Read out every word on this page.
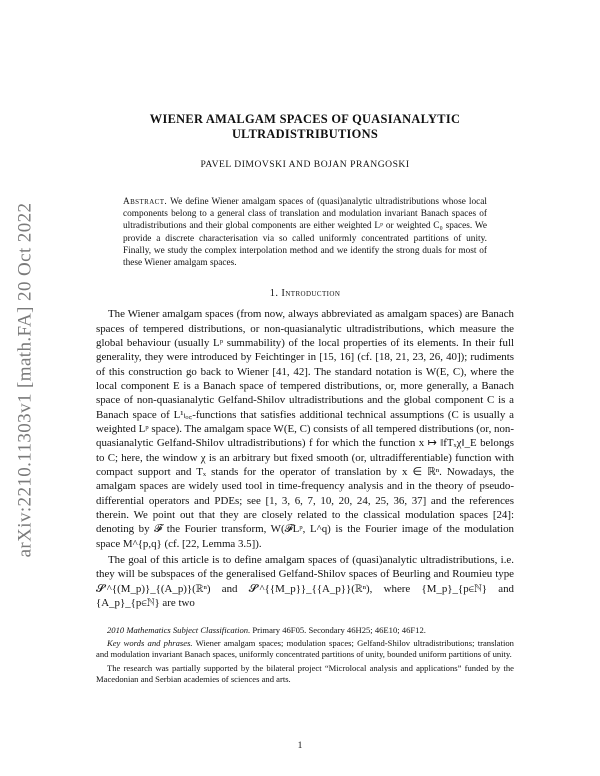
arXiv:2210.11303v1 [math.FA] 20 Oct 2022
WIENER AMALGAM SPACES OF QUASIANALYTIC
ULTRADISTRIBUTIONS

PAVEL DIMOVSKI AND BOJAN PRANGOSKI

Abstract. We define Wiener amalgam spaces of (quasi)analytic ultradistributions whose local components belong to a general class of translation and modulation invariant Banach spaces of ultradistributions and their global components are either weighted Lᵖ or weighted C₀ spaces. We provide a discrete characterisation via so called uniformly concentrated partitions of unity. Finally, we study the complex interpolation method and we identify the strong duals for most of these Wiener amalgam spaces.

1. Introduction

The Wiener amalgam spaces (from now, always abbreviated as amalgam spaces) are Banach spaces of tempered distributions, or non-quasianalytic ultradistributions, which measure the global behaviour (usually Lᵖ summability) of the local properties of its elements. In their full generality, they were introduced by Feichtinger in [15, 16] (cf. [18, 21, 23, 26, 40]); rudiments of this construction go back to Wiener [41, 42]. The standard notation is W(E, C), where the local component E is a Banach space of tempered distributions, or, more generally, a Banach space of non-quasianalytic Gelfand-Shilov ultradistributions and the global component C is a Banach space of L¹ₗₒ꜀-functions that satisfies additional technical assumptions (C is usually a weighted Lᵖ space). The amalgam space W(E, C) consists of all tempered distributions (or, non-quasianalytic Gelfand-Shilov ultradistributions) f for which the function x ↦ ‖fTₓχ‖_E belongs to C; here, the window χ is an arbitrary but fixed smooth (or, ultradifferentiable) function with compact support and Tₓ stands for the operator of translation by x ∈ ℝⁿ. Nowadays, the amalgam spaces are widely used tool in time-frequency analysis and in the theory of pseudo-differential operators and PDEs; see [1, 3, 6, 7, 10, 20, 24, 25, 36, 37] and the references therein. We point out that they are closely related to the classical modulation spaces [24]: denoting by 𝓕 the Fourier transform, W(𝓕Lᵖ, L^q) is the Fourier image of the modulation space M^{p,q} (cf. [22, Lemma 3.5]).

The goal of this article is to define amalgam spaces of (quasi)analytic ultradistributions, i.e. they will be subspaces of the generalised Gelfand-Shilov spaces of Beurling and Roumieu type 𝓢′^{(M_p)}_{(A_p)}(ℝⁿ) and 𝓢′^{{M_p}}_{{A_p}}(ℝⁿ), where {M_p}_{p∈ℕ} and {A_p}_{p∈ℕ} are two

2010 Mathematics Subject Classification. Primary 46F05. Secondary 46H25; 46E10; 46F12.

Key words and phrases. Wiener amalgam spaces; modulation spaces; Gelfand-Shilov ultradistributions; translation and modulation invariant Banach spaces, uniformly concentrated partitions of unity, bounded uniform partitions of unity.

The research was partially supported by the bilateral project “Microlocal analysis and applications” funded by the Macedonian and Serbian academies of sciences and arts.

1
